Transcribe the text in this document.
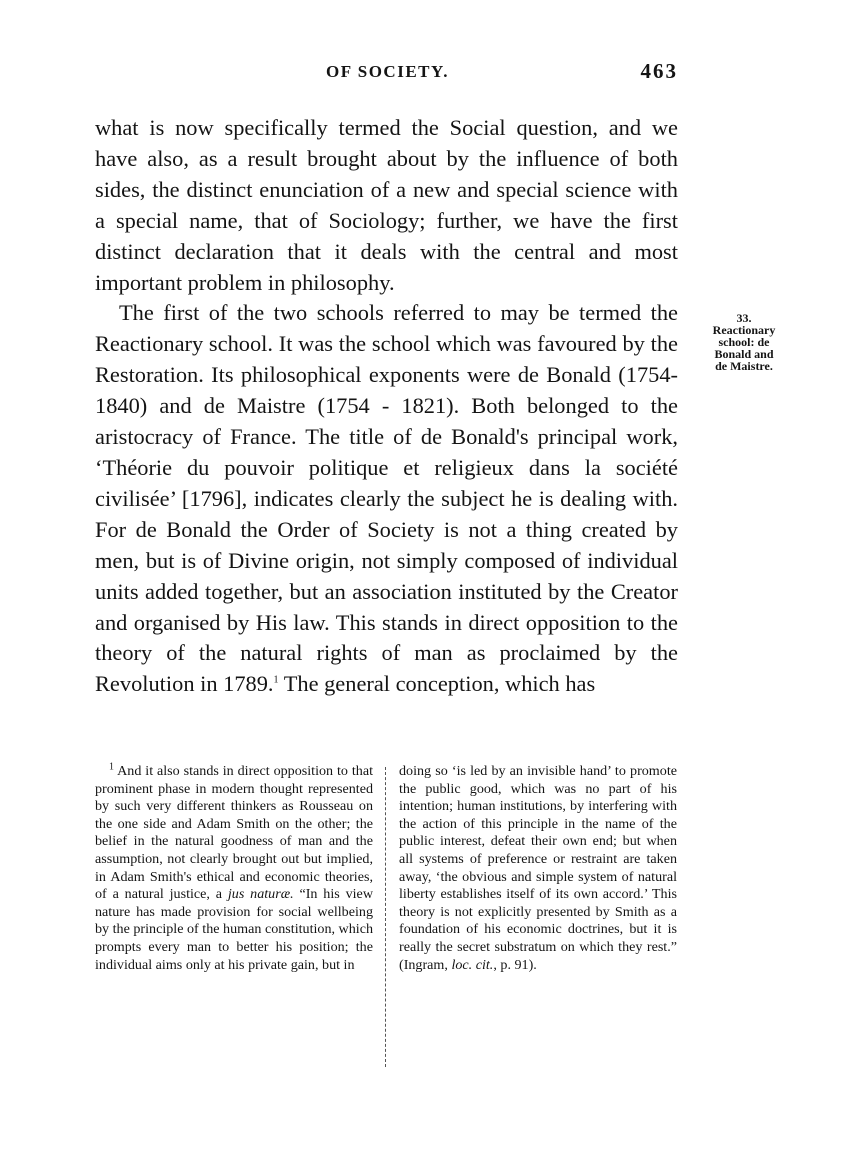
OF SOCIETY.	463

what is now specifically termed the Social question, and we have also, as a result brought about by the influence of both sides, the distinct enunciation of a new and special science with a special name, that of Sociology; further, we have the first distinct declaration that it deals with the central and most important problem in philosophy.

The first of the two schools referred to may be termed the Reactionary school. It was the school which was favoured by the Restoration. Its philosophical exponents were de Bonald (1754-1840) and de Maistre (1754 - 1821). Both belonged to the aristocracy of France. The title of de Bonald's principal work, ‘Théorie du pouvoir politique et religieux dans la société civilisée’ [1796], indicates clearly the subject he is dealing with. For de Bonald the Order of Society is not a thing created by men, but is of Divine origin, not simply composed of individual units added together, but an association instituted by the Creator and organised by His law. This stands in direct opposition to the theory of the natural rights of man as proclaimed by the Revolution in 1789.$^1$ The general conception, which has

33.
Reactionary school: de Bonald and de Maistre.

$^1$ And it also stands in direct opposition to that prominent phase in modern thought represented by such very different thinkers as Rousseau on the one side and Adam Smith on the other; the belief in the natural goodness of man and the assumption, not clearly brought out but implied, in Adam Smith's ethical and economic theories, of a natural justice, a jus naturæ. “In his view nature has made provision for social wellbeing by the principle of the human constitution, which prompts every man to better his position; the individual aims only at his private gain, but in

doing so ‘is led by an invisible hand’ to promote the public good, which was no part of his intention; human institutions, by interfering with the action of this principle in the name of the public interest, defeat their own end; but when all systems of preference or restraint are taken away, ‘the obvious and simple system of natural liberty establishes itself of its own accord.’ This theory is not explicitly presented by Smith as a foundation of his economic doctrines, but it is really the secret substratum on which they rest.” (Ingram, loc. cit., p. 91).
